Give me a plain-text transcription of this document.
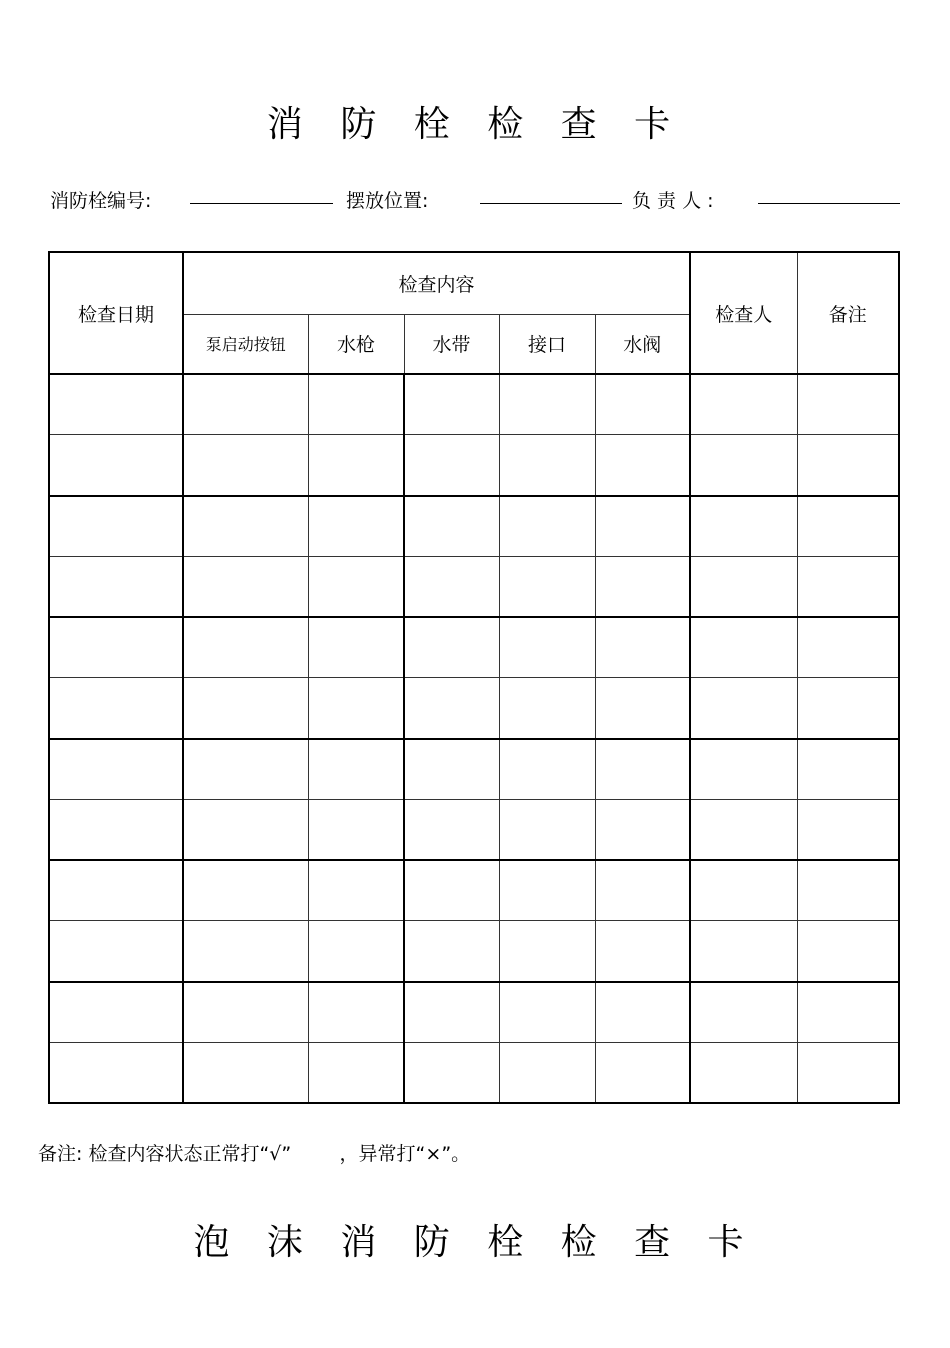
消 防 栓 检 查 卡
消防栓编号:	摆放位置:	负 责 人 :
检查日期	检查内容					检查人	备注
	泵启动按钮	水枪	水带	接口	水阀		

备注: 检查内容状态正常打“√”        ，异常打“×”。
泡 沫 消 防 栓 检 查 卡
